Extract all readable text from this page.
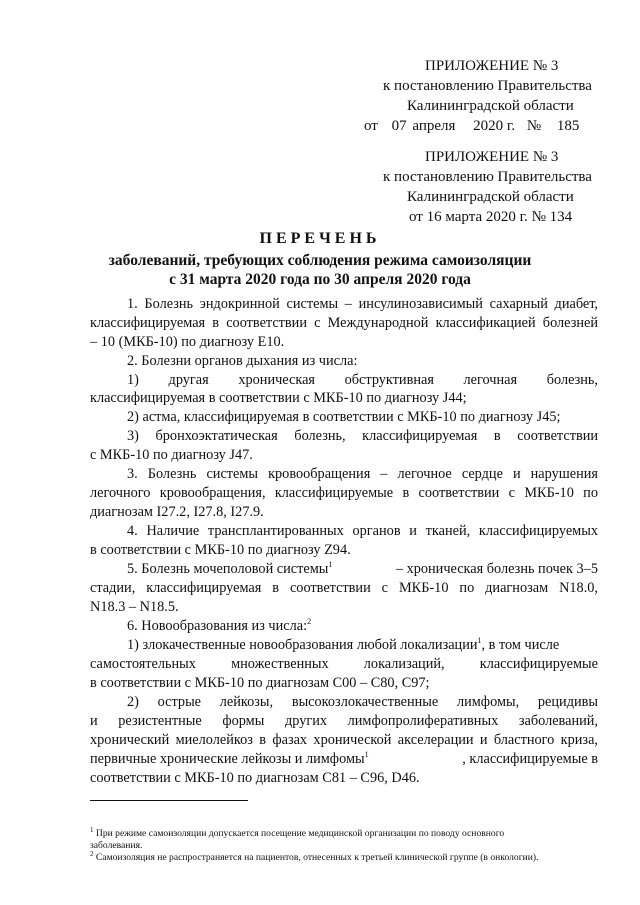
ПРИЛОЖЕНИЕ № 3
к постановлению Правительства
Калининградской области
от 07 апреля 2020 г. № 185
ПРИЛОЖЕНИЕ № 3
к постановлению Правительства
Калининградской области
от 16 марта 2020 г. № 134
ПЕРЕЧЕНЬ
заболеваний, требующих соблюдения режима самоизоляции
с 31 марта 2020 года по 30 апреля 2020 года
1. Болезнь эндокринной системы – инсулинозависимый сахарный диабет,
классифицируемая в соответствии с Международной классификацией болезней
– 10 (МКБ-10) по диагнозу Е10.
2. Болезни органов дыхания из числа:
1) другая хроническая обструктивная легочная болезнь,
классифицируемая в соответствии с МКБ-10 по диагнозу J44;
2) астма, классифицируемая в соответствии с МКБ-10 по диагнозу J45;
3) бронхоэктатическая болезнь, классифицируемая в соответствии
с МКБ-10 по диагнозу J47.
3. Болезнь системы кровообращения – легочное сердце и нарушения
легочного кровообращения, классифицируемые в соответствии с МКБ-10 по
диагнозам I27.2, I27.8, I27.9.
4. Наличие трансплантированных органов и тканей, классифицируемых
в соответствии с МКБ-10 по диагнозу Z94.
5. Болезнь мочеполовой системы$^1$	– хроническая болезнь почек 3–5
стадии, классифицируемая в соответствии с МКБ-10 по диагнозам N18.0,
N18.3 – N18.5.
6. Новообразования из числа:$^2$
1) злокачественные новообразования любой локализации$^1$, в том числе
самостоятельных множественных локализаций, классифицируемые
в соответствии с МКБ-10 по диагнозам С00 – С80, С97;
2) острые лейкозы, высокозлокачественные лимфомы, рецидивы
и резистентные формы других лимфопролиферативных заболеваний,
хронический миелолейкоз в фазах хронической акселерации и бластного криза,
первичные хронические лейкозы и лимфомы$^1$	, классифицируемые в
соответствии с МКБ-10 по диагнозам С81 – С96, D46.
$^1$ При режиме самоизоляции допускается посещение медицинской организации по поводу основного
заболевания.
$^2$ Самоизоляция не распространяется на пациентов, отнесенных к третьей клинической группе (в онкологии).
